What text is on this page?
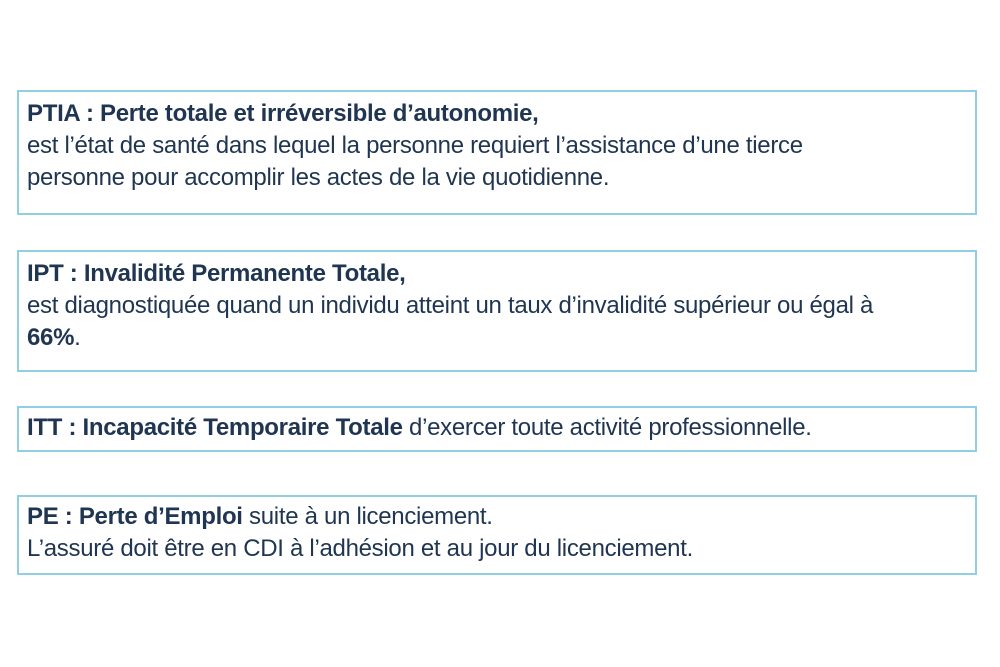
PTIA : Perte totale et irréversible d’autonomie,
est l’état de santé dans lequel la personne requiert l’assistance d’une tierce
personne pour accomplir les actes de la vie quotidienne.
IPT : Invalidité Permanente Totale,
est diagnostiquée quand un individu atteint un taux d’invalidité supérieur ou égal à
66%.
ITT : Incapacité Temporaire Totale d’exercer toute activité professionnelle.
PE : Perte d’Emploi suite à un licenciement.
L’assuré doit être en CDI à l’adhésion et au jour du licenciement.
